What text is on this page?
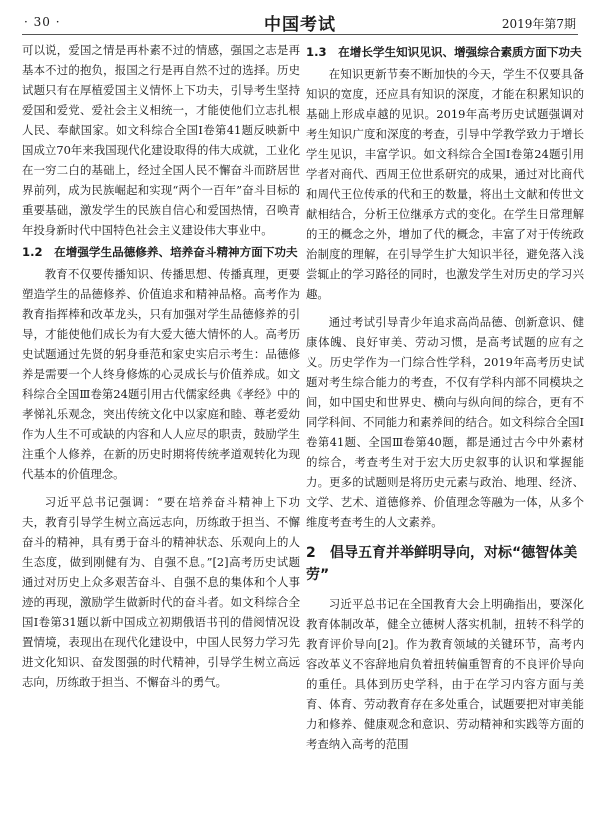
· 30 ·	中国考试	2019年第7期

可以说，爱国之情是再朴素不过的情感，强国之志是再基本不过的抱负，报国之行是再自然不过的选择。历史试题只有在厚植爱国主义情怀上下功夫，引导考生坚持爱国和爱党、爱社会主义相统一，才能使他们立志扎根人民、奉献国家。如文科综合全国Ⅰ卷第41题反映新中国成立70年来我国现代化建设取得的伟大成就，工业化在一穷二白的基础上，经过全国人民不懈奋斗而跻居世界前列，成为民族崛起和实现“两个一百年”奋斗目标的重要基础，激发学生的民族自信心和爱国热情，召唤青年投身新时代中国特色社会主义建设伟大事业中。

1.2　在增强学生品德修养、培养奋斗精神方面下功夫

教育不仅要传播知识、传播思想、传播真理，更要塑造学生的品德修养、价值追求和精神品格。高考作为教育指挥棒和改革龙头，只有加强对学生品德修养的引导，才能使他们成长为有大爱大德大情怀的人。高考历史试题通过先贤的躬身垂范和家史实启示考生：品德修养是需要一个人终身修炼的心灵成长与价值养成。如文科综合全国Ⅲ卷第24题引用古代儒家经典《孝经》中的孝悌礼乐观念，突出传统文化中以家庭和睦、尊老爱幼作为人生不可或缺的内容和人人应尽的职责，鼓励学生注重个人修养，在新的历史时期将传统孝道观转化为现代基本的价值理念。

习近平总书记强调：“要在培养奋斗精神上下功夫，教育引导学生树立高远志向，历练敢于担当、不懈奋斗的精神，具有勇于奋斗的精神状态、乐观向上的人生态度，做到刚健有为、自强不息。”[2]高考历史试题通过对历史上众多艰苦奋斗、自强不息的集体和个人事迹的再现，激励学生做新时代的奋斗者。如文科综合全国Ⅰ卷第31题以新中国成立初期俄语书刊的借阅情况设置情境，表现出在现代化建设中，中国人民努力学习先进文化知识、奋发图强的时代精神，引导学生树立高远志向，历练敢于担当、不懈奋斗的勇气。

1.3　在增长学生知识见识、增强综合素质方面下功夫

在知识更新节奏不断加快的今天，学生不仅要具备知识的宽度，还应具有知识的深度，才能在积累知识的基础上形成卓越的见识。2019年高考历史试题强调对考生知识广度和深度的考查，引导中学教学致力于增长学生见识，丰富学识。如文科综合全国Ⅰ卷第24题引用学者对商代、西周王位世系研究的成果，通过对比商代和周代王位传承的代和王的数量，将出土文献和传世文献相结合，分析王位继承方式的变化。在学生日常理解的王的概念之外，增加了代的概念，丰富了对于传统政治制度的理解，在引导学生扩大知识半径，避免落入浅尝辄止的学习路径的同时，也激发学生对历史的学习兴趣。

通过考试引导青少年追求高尚品德、创新意识、健康体魄、良好审美、劳动习惯，是高考试题的应有之义。历史学作为一门综合性学科，2019年高考历史试题对考生综合能力的考查，不仅有学科内部不同模块之间，如中国史和世界史、横向与纵向间的综合，更有不同学科间、不同能力和素养间的结合。如文科综合全国Ⅰ卷第41题、全国Ⅲ卷第40题，都是通过古今中外素材的综合，考查考生对于宏大历史叙事的认识和掌握能力。更多的试题则是将历史元素与政治、地理、经济、文学、艺术、道德修养、价值理念等融为一体，从多个维度考查考生的人文素养。

2 倡导五育并举鲜明导向，对标“德智体美劳”

习近平总书记在全国教育大会上明确指出，要深化教育体制改革，健全立德树人落实机制，扭转不科学的教育评价导向[2]。作为教育领域的关键环节，高考内容改革义不容辞地肩负着扭转偏重智育的不良评价导向的重任。具体到历史学科，由于在学习内容方面与美育、体育、劳动教育存在多处重合，试题要把对审美能力和修养、健康观念和意识、劳动精神和实践等方面的考查纳入高考的范围
